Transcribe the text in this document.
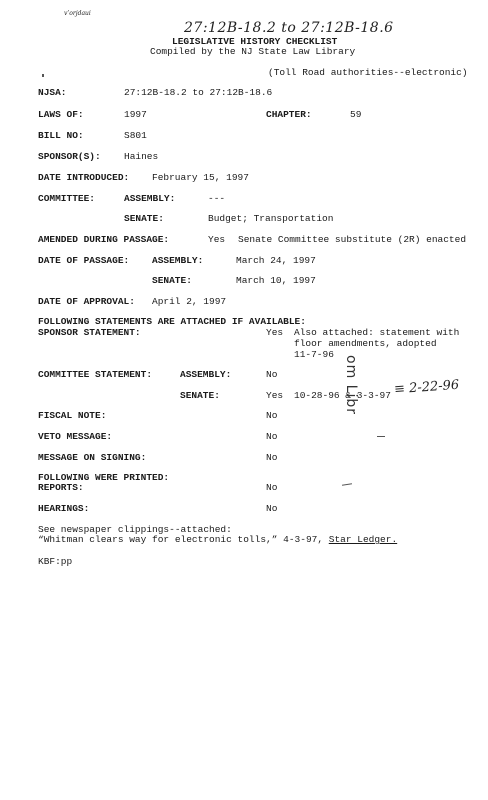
v’orjdaui
27:12B-18.2 to 27:12B-18.6
LEGISLATIVE HISTORY CHECKLIST
Compiled by the NJ State Law Library
(Toll Road authorities--electronic)
NJSA:	27:12B-18.2 to 27:12B-18.6
LAWS OF:	1997	CHAPTER:	59
BILL NO:	S801
SPONSOR(S): Haines
DATE INTRODUCED: February 15, 1997
COMMITTEE:	ASSEMBLY:	---
SENATE:	Budget; Transportation
AMENDED DURING PASSAGE:	Yes Senate Committee substitute (2R) enacted
DATE OF PASSAGE: ASSEMBLY:	March 24, 1997
SENATE:	March 10, 1997
DATE OF APPROVAL: April 2, 1997
FOLLOWING STATEMENTS ARE ATTACHED IF AVAILABLE:
SPONSOR STATEMENT:	Yes Also attached: statement with
floor amendments, adopted
11-7-96
COMMITTEE STATEMENT:	ASSEMBLY:	No
SENATE:	Yes 10-28-96 & 3-3-97 ≡ 2-22-96
om Libr
FISCAL NOTE:	No
VETO MESSAGE:	No
MESSAGE ON SIGNING:	No
FOLLOWING WERE PRINTED:
REPORTS:	No
HEARINGS:	No
See newspaper clippings--attached:
“Whitman clears way for electronic tolls,” 4-3-97, Star Ledger.
KBF:pp
